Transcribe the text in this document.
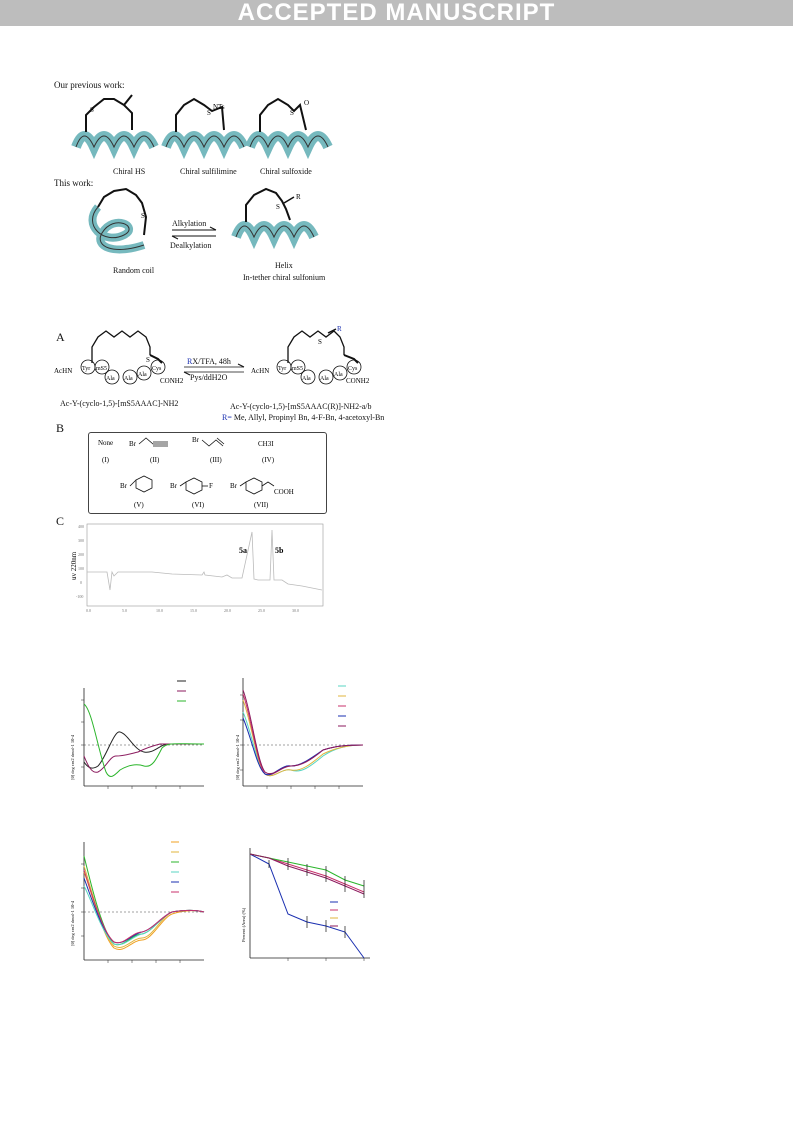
ACCEPTED MANUSCRIPT
Our previous work:
This work:
S	S
NTs
S
O
S
S
R
Chiral HS	Chiral sulfilimine	Chiral sulfoxide
Alkylation
Dealkylation
Random coil
Helix
In-tether chiral sulfonium
A
S
Tyr mS5
Ala Ala
Ala
Cys
AcHN
CONH2
R
S
Tyr mS5
Ala Ala
Ala
Cys
AcHN
CONH2
RX/TFA, 48h
Pys/ddH2O
Ac-Y-(cyclo-1,5)-[mS5AAAC]-NH2	Ac-Y-(cyclo-1,5)-[mS5AAAC(R)]-NH2-a/b
R= Me, Allyl, Propinyl Bn, 4-F-Bn, 4-acetoxyl-Bn
B
None
(I)
Br
(II)
Br
(III)
CH3I
(IV)
Br
(V)
Br	F
(VI)
Br
COOH
(VII)
C	400
300
200
100
0
-100
0.0	5.0	10.0	15.0	20.0	25.0	30.0
uv 220nm
5a	5b
[θ] deg cm2 dmol-1 10-4	[θ] deg cm2 dmol-1 10-4
[θ] deg cm2 dmol-1 10-4	Percent (Area) (%)
